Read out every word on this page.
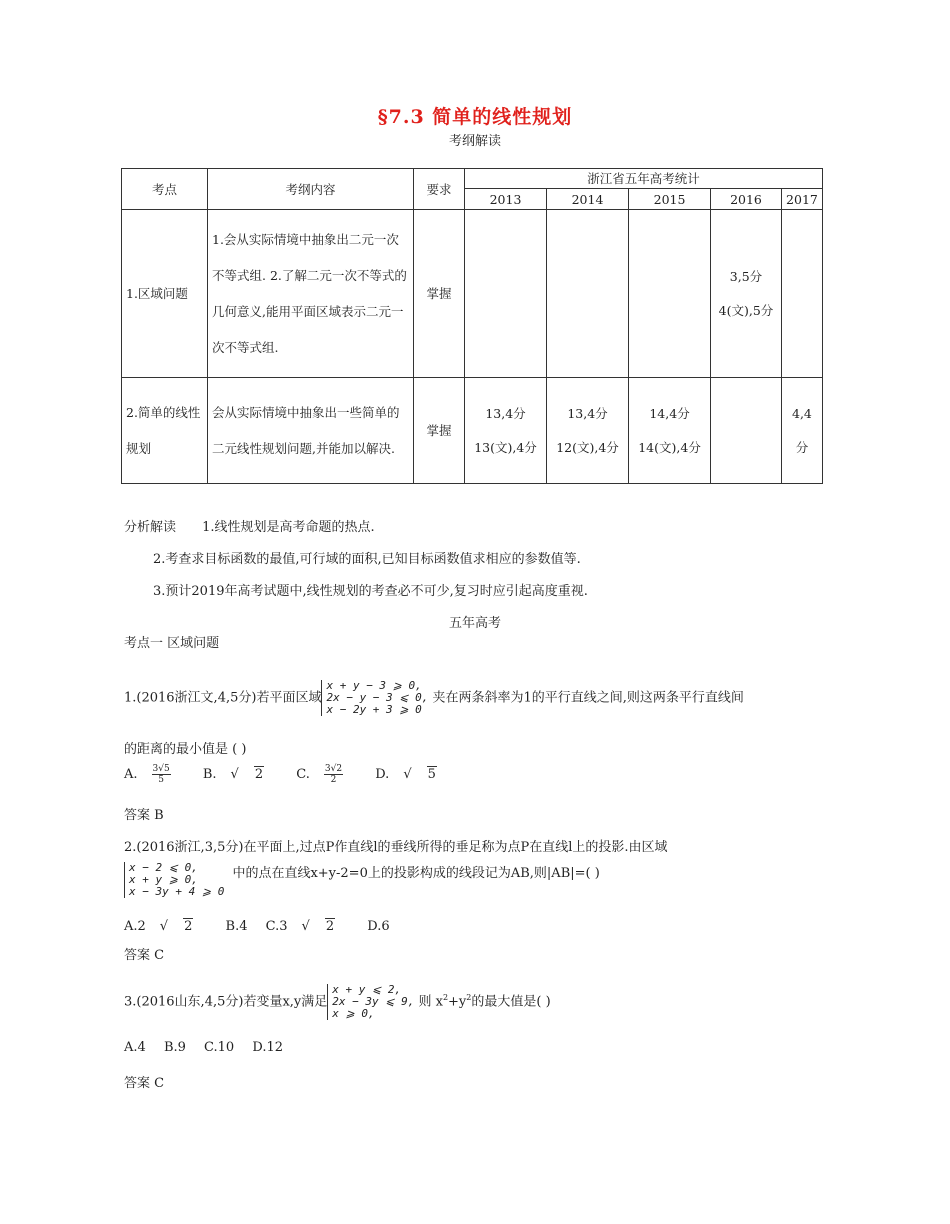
§7.3 简单的线性规划
考纲解读
考点	考纲内容	要求	浙江省五年高考统计				
			2013	2014	2015	2016	2017
1.区域问题	1.会从实际情境中抽象出二元一次不等式组. 2.了解二元一次不等式的几何意义,能用平面区域表示二元一次不等式组.	掌握				3,5分 4(文),5分	
2.简单的线性规划	会从实际情境中抽象出一些简单的二元线性规划问题,并能加以解决.	掌握	13,4分 13(文),4分	13,4分 12(文),4分	14,4分 14(文),4分		4,4分
分析解读 1.线性规划是高考命题的热点.
2.考查求目标函数的最值,可行域的面积,已知目标函数值求相应的参数值等.
3.预计2019年高考试题中,线性规划的考查必不可少,复习时应引起高度重视.
五年高考
考点一 区域问题
1.(2016浙江文,4,5分)若平面区域
x + y − 3 ⩾ 0,
2x − y − 3 ⩽ 0,
x − 2y + 3 ⩾ 0
夹在两条斜率为1的平行直线之间,则这两条平行直线间
的距离的最小值是 ( )
A. $\frac{3√5}{5} B$. √ 2	C. $\frac{3√2}{2} D$. √ 5
答案 B
2.(2016浙江,3,5分)在平面上,过点P作直线l的垂线所得的垂足称为点P在直线l上的投影.由区域
x − 2 ⩽ 0,
x + y ⩾ 0,
x − 3y + 4 ⩾ 0
中的点在直线x+y-2=0上的投影构成的线段记为AB,则|AB|=( )
A.2 √ 2	B.4 C.3 √ 2	D.6
答案 C
3.(2016山东,4,5分)若变量x,y满足
x + y ⩽ 2,
2x − 3y ⩽ 9,
x ⩾ 0,
则 $x^2+y^2$的最大值是( )
A.4 B.9 C.10 D.12
答案 C
